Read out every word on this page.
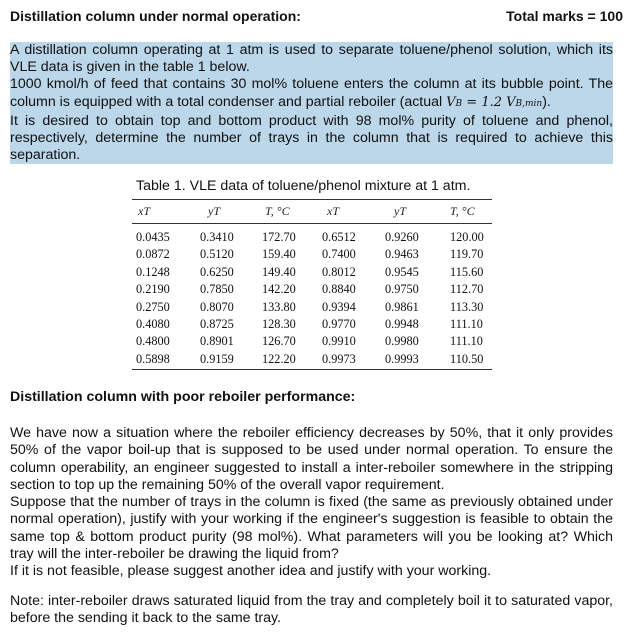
Distillation column under normal operation:	Total marks = 100
A distillation column operating at 1 atm is used to separate toluene/phenol solution, which its VLE data is given in the table 1 below.
1000 kmol/h of feed that contains 30 mol% toluene enters the column at its bubble point. The column is equipped with a total condenser and partial reboiler (actual VB = 1.2 VB,min).
It is desired to obtain top and bottom product with 98 mol% purity of toluene and phenol, respectively, determine the number of trays in the column that is required to achieve this separation.
Table 1. VLE data of toluene/phenol mixture at 1 atm.
xT	yT	T, °C	xT	yT	T, °C
0.0435 0.3410 172.70 0.6512 0.9260	120.00
0.0872 0.5120 159.40 0.7400 0.9463	119.70
0.1248 0.6250 149.40 0.8012 0.9545	115.60
0.2190 0.7850 142.20 0.8840 0.9750	112.70
0.2750 0.8070 133.80 0.9394 0.9861	113.30
0.4080 0.8725 128.30 0.9770 0.9948	111.10
0.4800 0.8901 126.70 0.9910 0.9980	111.10
0.5898 0.9159 122.20 0.9973 0.9993	110.50
Distillation column with poor reboiler performance:

We have now a situation where the reboiler efficiency decreases by 50%, that it only provides 50% of the vapor boil-up that is supposed to be used under normal operation. To ensure the column operability, an engineer suggested to install a inter-reboiler somewhere in the stripping section to top up the remaining 50% of the overall vapor requirement.

Suppose that the number of trays in the column is fixed (the same as previously obtained under normal operation), justify with your working if the engineer's suggestion is feasible to obtain the same top & bottom product purity (98 mol%). What parameters will you be looking at? Which tray will the inter-reboiler be drawing the liquid from?

If it is not feasible, please suggest another idea and justify with your working.

Note: inter-reboiler draws saturated liquid from the tray and completely boil it to saturated vapor, before the sending it back to the same tray.
